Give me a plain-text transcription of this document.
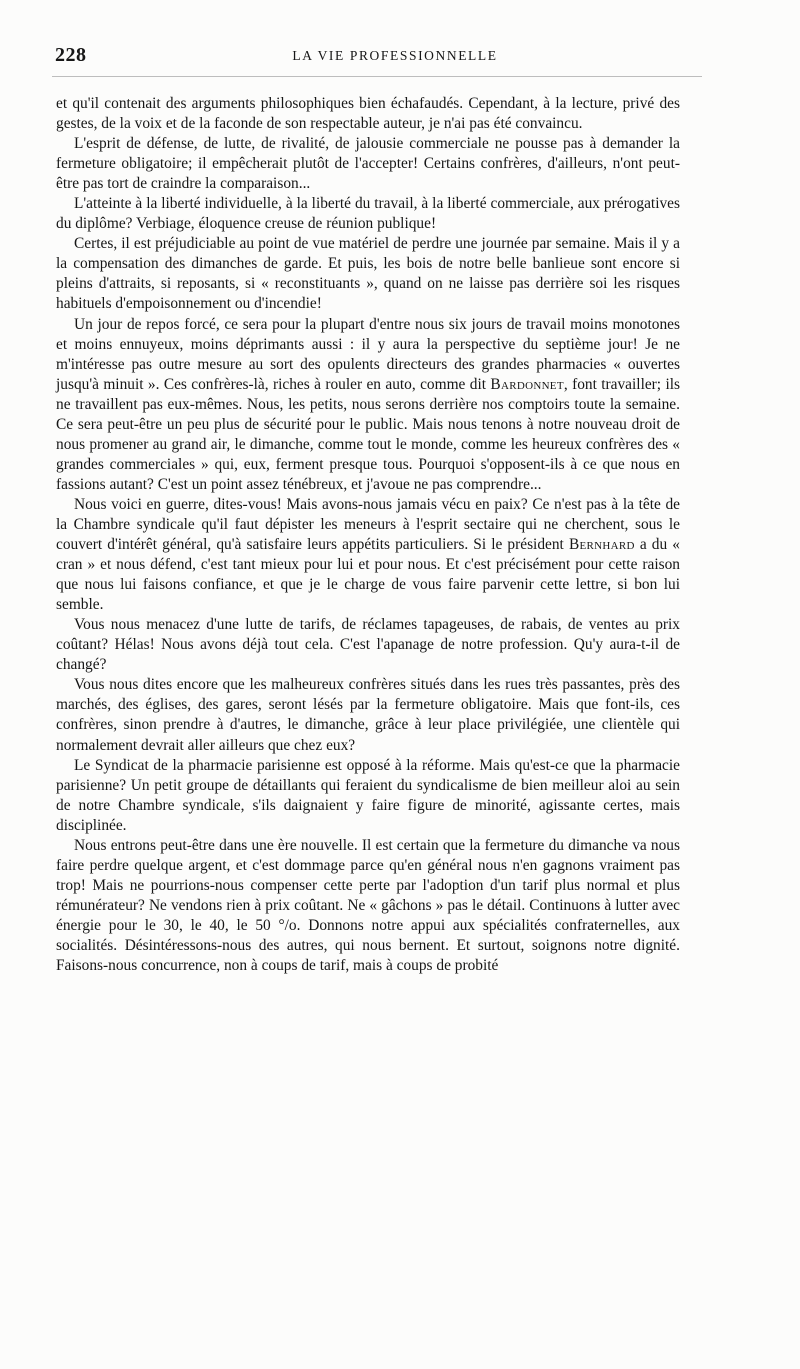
228	LA VIE PROFESSIONNELLE

et qu'il contenait des arguments philosophiques bien échafaudés. Cependant, à la lecture, privé des gestes, de la voix et de la faconde de son respectable auteur, je n'ai pas été convaincu.

L'esprit de défense, de lutte, de rivalité, de jalousie commerciale ne pousse pas à demander la fermeture obligatoire; il empêcherait plutôt de l'accepter! Certains confrères, d'ailleurs, n'ont peut-être pas tort de craindre la comparaison...

L'atteinte à la liberté individuelle, à la liberté du travail, à la liberté commerciale, aux prérogatives du diplôme? Verbiage, éloquence creuse de réunion publique!

Certes, il est préjudiciable au point de vue matériel de perdre une journée par semaine. Mais il y a la compensation des dimanches de garde. Et puis, les bois de notre belle banlieue sont encore si pleins d'attraits, si reposants, si « reconstituants », quand on ne laisse pas derrière soi les risques habituels d'empoisonnement ou d'incendie!

Un jour de repos forcé, ce sera pour la plupart d'entre nous six jours de travail moins monotones et moins ennuyeux, moins déprimants aussi : il y aura la perspective du septième jour! Je ne m'intéresse pas outre mesure au sort des opulents directeurs des grandes pharmacies « ouvertes jusqu'à minuit ». Ces confrères-là, riches à rouler en auto, comme dit Bardonnet, font travailler; ils ne travaillent pas eux-mêmes. Nous, les petits, nous serons derrière nos comptoirs toute la semaine. Ce sera peut-être un peu plus de sécurité pour le public. Mais nous tenons à notre nouveau droit de nous promener au grand air, le dimanche, comme tout le monde, comme les heureux confrères des « grandes commerciales » qui, eux, ferment presque tous. Pourquoi s'opposent-ils à ce que nous en fassions autant? C'est un point assez ténébreux, et j'avoue ne pas comprendre...

Nous voici en guerre, dites-vous! Mais avons-nous jamais vécu en paix? Ce n'est pas à la tête de la Chambre syndicale qu'il faut dépister les meneurs à l'esprit sectaire qui ne cherchent, sous le couvert d'intérêt général, qu'à satisfaire leurs appétits particuliers. Si le président Bernhard a du « cran » et nous défend, c'est tant mieux pour lui et pour nous. Et c'est précisément pour cette raison que nous lui faisons confiance, et que je le charge de vous faire parvenir cette lettre, si bon lui semble.

Vous nous menacez d'une lutte de tarifs, de réclames tapageuses, de rabais, de ventes au prix coûtant? Hélas! Nous avons déjà tout cela. C'est l'apanage de notre profession. Qu'y aura-t-il de changé?

Vous nous dites encore que les malheureux confrères situés dans les rues très passantes, près des marchés, des églises, des gares, seront lésés par la fermeture obligatoire. Mais que font-ils, ces confrères, sinon prendre à d'autres, le dimanche, grâce à leur place privilégiée, une clientèle qui normalement devrait aller ailleurs que chez eux?

Le Syndicat de la pharmacie parisienne est opposé à la réforme. Mais qu'est-ce que la pharmacie parisienne? Un petit groupe de détaillants qui feraient du syndicalisme de bien meilleur aloi au sein de notre Chambre syndicale, s'ils daignaient y faire figure de minorité, agissante certes, mais disciplinée.

Nous entrons peut-être dans une ère nouvelle. Il est certain que la fermeture du dimanche va nous faire perdre quelque argent, et c'est dommage parce qu'en général nous n'en gagnons vraiment pas trop! Mais ne pourrions-nous compenser cette perte par l'adoption d'un tarif plus normal et plus rémunérateur? Ne vendons rien à prix coûtant. Ne « gâchons » pas le détail. Continuons à lutter avec énergie pour le 30, le 40, le 50 °/o. Donnons notre appui aux spécialités confraternelles, aux socialités. Désintéressons-nous des autres, qui nous bernent. Et surtout, soignons notre dignité. Faisons-nous concurrence, non à coups de tarif, mais à coups de probité
